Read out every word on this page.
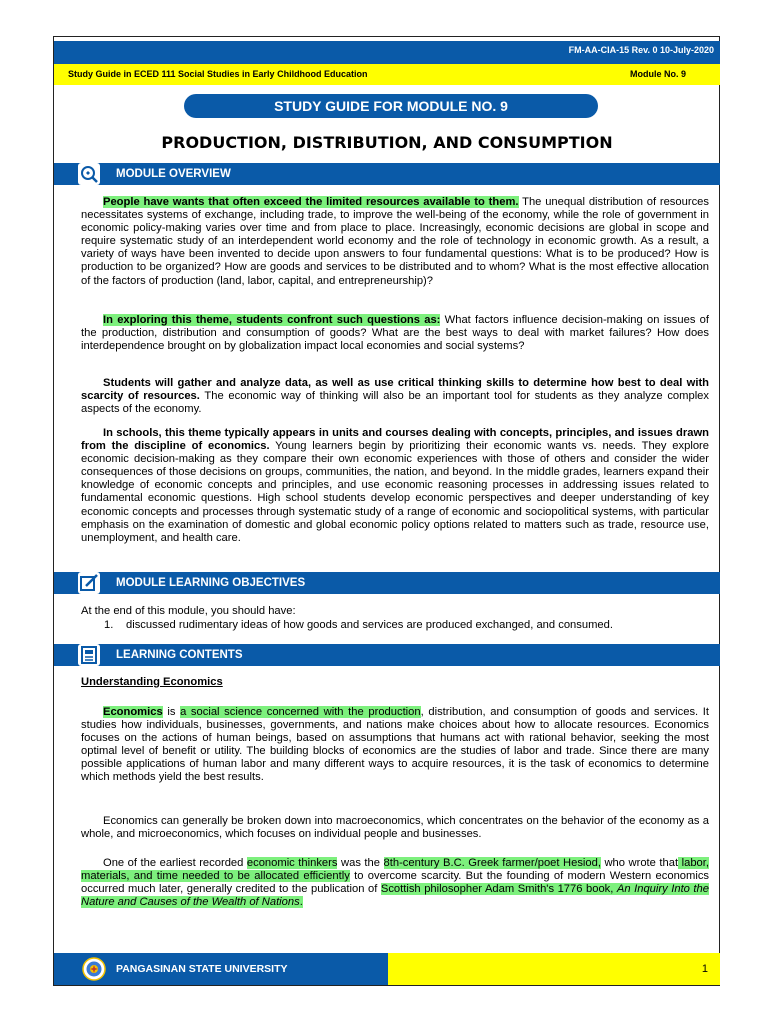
FM-AA-CIA-15 Rev. 0 10-July-2020
Study Guide in ECED 111 Social Studies in Early Childhood Education	Module No. 9
STUDY GUIDE FOR MODULE NO. 9
PRODUCTION, DISTRIBUTION, AND CONSUMPTION
MODULE OVERVIEW

People have wants that often exceed the limited resources available to them. The unequal distribution of resources necessitates systems of exchange, including trade, to improve the well-being of the economy, while the role of government in economic policy-making varies over time and from place to place. Increasingly, economic decisions are global in scope and require systematic study of an interdependent world economy and the role of technology in economic growth. As a result, a variety of ways have been invented to decide upon answers to four fundamental questions: What is to be produced? How is production to be organized? How are goods and services to be distributed and to whom? What is the most effective allocation of the factors of production (land, labor, capital, and entrepreneurship)?

In exploring this theme, students confront such questions as: What factors influence decision-making on issues of the production, distribution and consumption of goods? What are the best ways to deal with market failures? How does interdependence brought on by globalization impact local economies and social systems?

Students will gather and analyze data, as well as use critical thinking skills to determine how best to deal with scarcity of resources. The economic way of thinking will also be an important tool for students as they analyze complex aspects of the economy.

In schools, this theme typically appears in units and courses dealing with concepts, principles, and issues drawn from the discipline of economics. Young learners begin by prioritizing their economic wants vs. needs. They explore economic decision-making as they compare their own economic experiences with those of others and consider the wider consequences of those decisions on groups, communities, the nation, and beyond. In the middle grades, learners expand their knowledge of economic concepts and principles, and use economic reasoning processes in addressing issues related to fundamental economic questions. High school students develop economic perspectives and deeper understanding of key economic concepts and processes through systematic study of a range of economic and sociopolitical systems, with particular emphasis on the examination of domestic and global economic policy options related to matters such as trade, resource use, unemployment, and health care.

MODULE LEARNING OBJECTIVES

At the end of this module, you should have:

1. discussed rudimentary ideas of how goods and services are produced exchanged, and consumed.

LEARNING CONTENTS

Understanding Economics

Economics is a social science concerned with the production, distribution, and consumption of goods and services. It studies how individuals, businesses, governments, and nations make choices about how to allocate resources. Economics focuses on the actions of human beings, based on assumptions that humans act with rational behavior, seeking the most optimal level of benefit or utility. The building blocks of economics are the studies of labor and trade. Since there are many possible applications of human labor and many different ways to acquire resources, it is the task of economics to determine which methods yield the best results.

Economics can generally be broken down into macroeconomics, which concentrates on the behavior of the economy as a whole, and microeconomics, which focuses on individual people and businesses.

One of the earliest recorded economic thinkers was the 8th-century B.C. Greek farmer/poet Hesiod, who wrote that labor, materials, and time needed to be allocated efficiently to overcome scarcity. But the founding of modern Western economics occurred much later, generally credited to the publication of Scottish philosopher Adam Smith's 1776 book, An Inquiry Into the Nature and Causes of the Wealth of Nations.

PANGASINAN STATE UNIVERSITY	1
